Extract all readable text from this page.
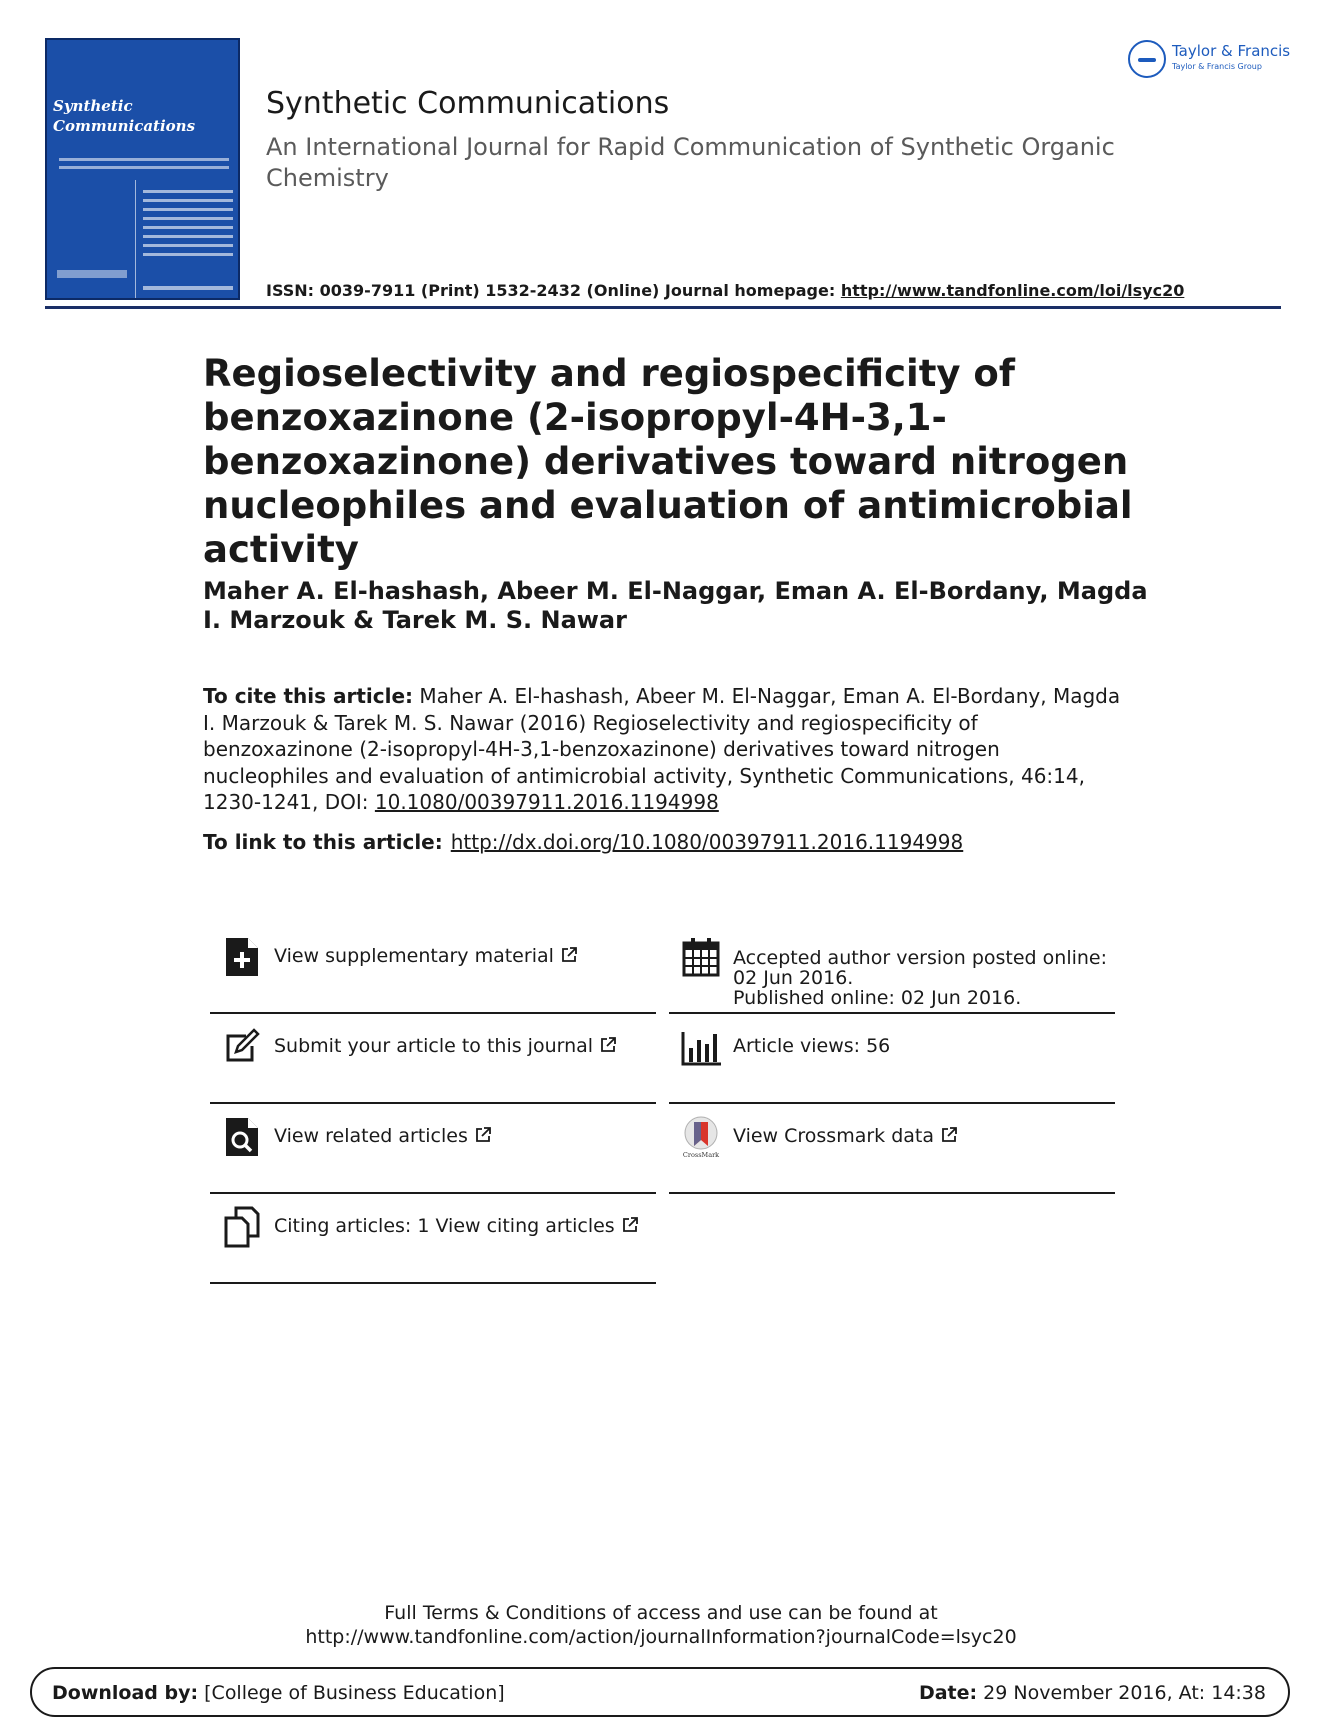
Synthetic
Communications
Synthetic Communications
An International Journal for Rapid Communication of Synthetic Organic Chemistry
ISSN: 0039-7911 (Print) 1532-2432 (Online) Journal homepage: http://www.tandfonline.com/loi/lsyc20
Taylor & Francis
Taylor & Francis Group
Regioselectivity and regiospecificity of benzoxazinone (2-isopropyl-4H-3,1-benzoxazinone) derivatives toward nitrogen nucleophiles and evaluation of antimicrobial activity
Maher A. El-hashash, Abeer M. El-Naggar, Eman A. El-Bordany, Magda I. Marzouk & Tarek M. S. Nawar
To cite this article: Maher A. El-hashash, Abeer M. El-Naggar, Eman A. El-Bordany, Magda I. Marzouk & Tarek M. S. Nawar (2016) Regioselectivity and regiospecificity of benzoxazinone (2-isopropyl-4H-3,1-benzoxazinone) derivatives toward nitrogen nucleophiles and evaluation of antimicrobial activity, Synthetic Communications, 46:14, 1230-1241, DOI: 10.1080/00397911.2016.1194998
To link to this article: http://dx.doi.org/10.1080/00397911.2016.1194998
View supplementary material
Submit your article to this journal
View related articles
Citing articles: 1 View citing articles
Accepted author version posted online: 02 Jun 2016.
Published online: 02 Jun 2016.
Article views: 56
CrossMark
View Crossmark data
Full Terms & Conditions of access and use can be found at
http://www.tandfonline.com/action/journalInformation?journalCode=lsyc20
Download by: [College of Business Education]	Date: 29 November 2016, At: 14:38
